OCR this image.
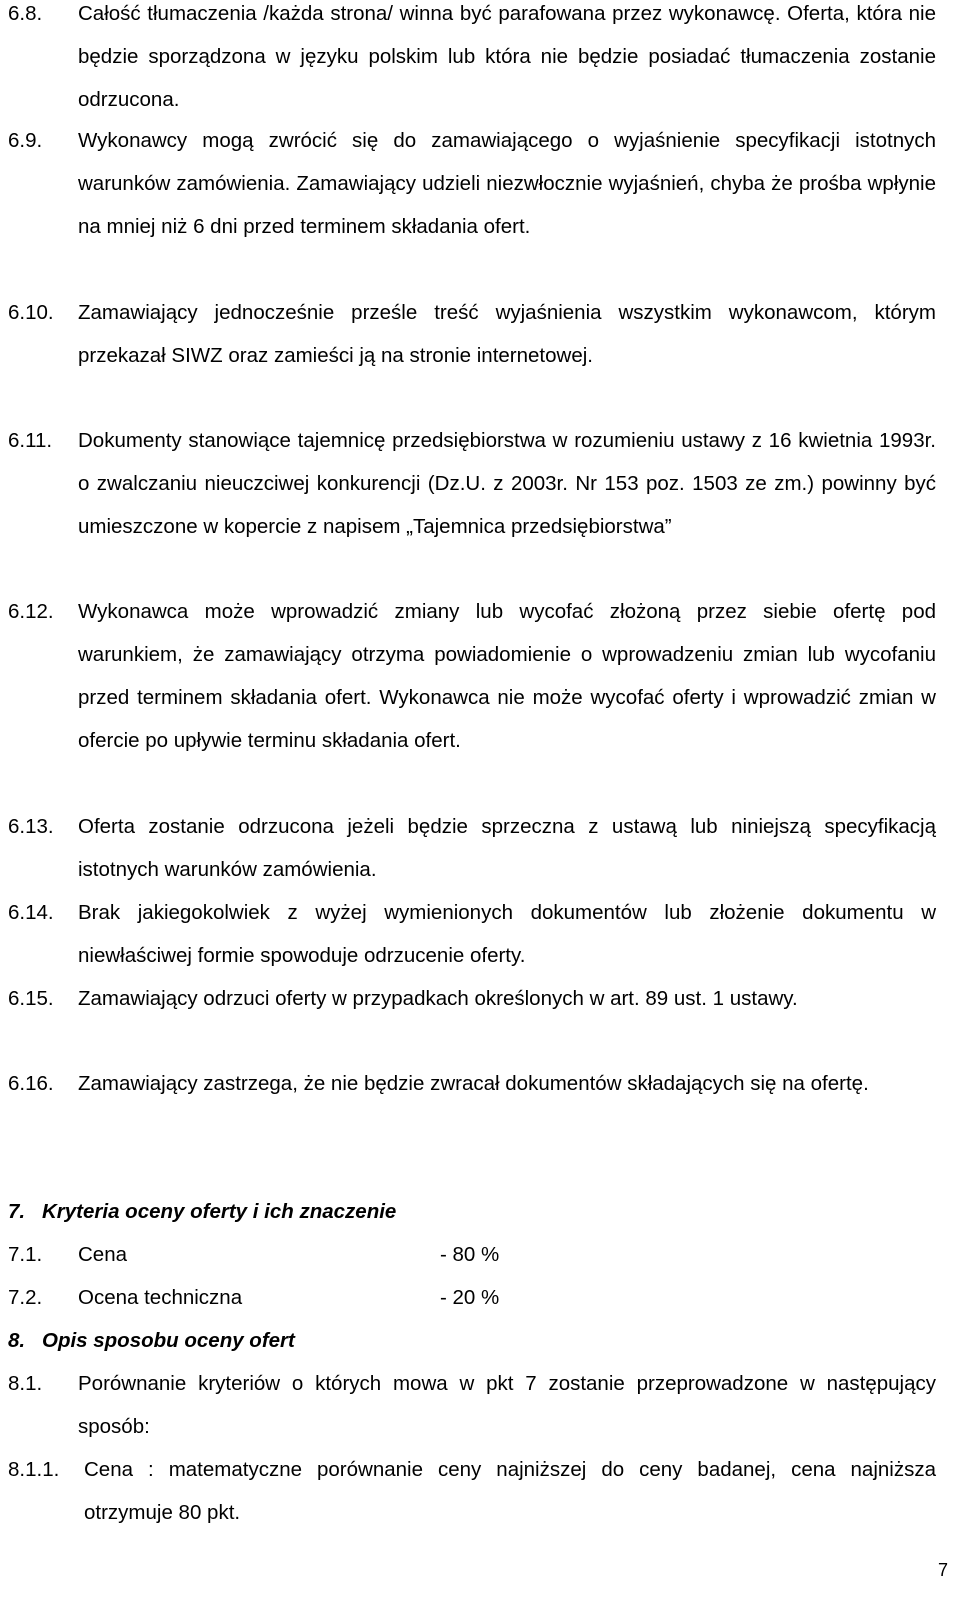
6.8. Całość tłumaczenia /każda strona/ winna być parafowana przez wykonawcę. Oferta, która nie będzie sporządzona w języku polskim lub która nie będzie posiadać tłumaczenia zostanie odrzucona.
6.9. Wykonawcy mogą zwrócić się do zamawiającego o wyjaśnienie specyfikacji istotnych warunków zamówienia. Zamawiający udzieli niezwłocznie wyjaśnień, chyba że prośba wpłynie na mniej niż 6 dni przed terminem składania ofert.
6.10. Zamawiający jednocześnie prześle treść wyjaśnienia wszystkim wykonawcom, którym przekazał SIWZ oraz zamieści ją na stronie internetowej.
6.11. Dokumenty stanowiące tajemnicę przedsiębiorstwa w rozumieniu ustawy z 16 kwietnia 1993r. o zwalczaniu nieuczciwej konkurencji (Dz.U. z 2003r. Nr 153 poz. 1503 ze zm.) powinny być umieszczone w kopercie z napisem „Tajemnica przedsiębiorstwa”
6.12. Wykonawca może wprowadzić zmiany lub wycofać złożoną przez siebie ofertę pod warunkiem, że zamawiający otrzyma powiadomienie o wprowadzeniu zmian lub wycofaniu przed terminem składania ofert. Wykonawca nie może wycofać oferty i wprowadzić zmian w ofercie po upływie terminu składania ofert.
6.13. Oferta zostanie odrzucona jeżeli będzie sprzeczna z ustawą lub niniejszą specyfikacją istotnych warunków zamówienia.
6.14. Brak jakiegokolwiek z wyżej wymienionych dokumentów lub złożenie dokumentu w niewłaściwej formie spowoduje odrzucenie oferty.
6.15. Zamawiający odrzuci oferty w przypadkach określonych w art. 89 ust. 1 ustawy.
6.16. Zamawiający zastrzega, że nie będzie zwracał dokumentów składających się na ofertę.
7. Kryteria oceny oferty i ich znaczenie
7.1. Cena	- 80 %
7.2. Ocena techniczna	- 20 %
8. Opis sposobu oceny ofert
8.1. Porównanie kryteriów o których mowa w pkt 7 zostanie przeprowadzone w następujący sposób:
8.1.1. Cena : matematyczne porównanie ceny najniższej do ceny badanej, cena najniższa otrzymuje 80 pkt.
7
